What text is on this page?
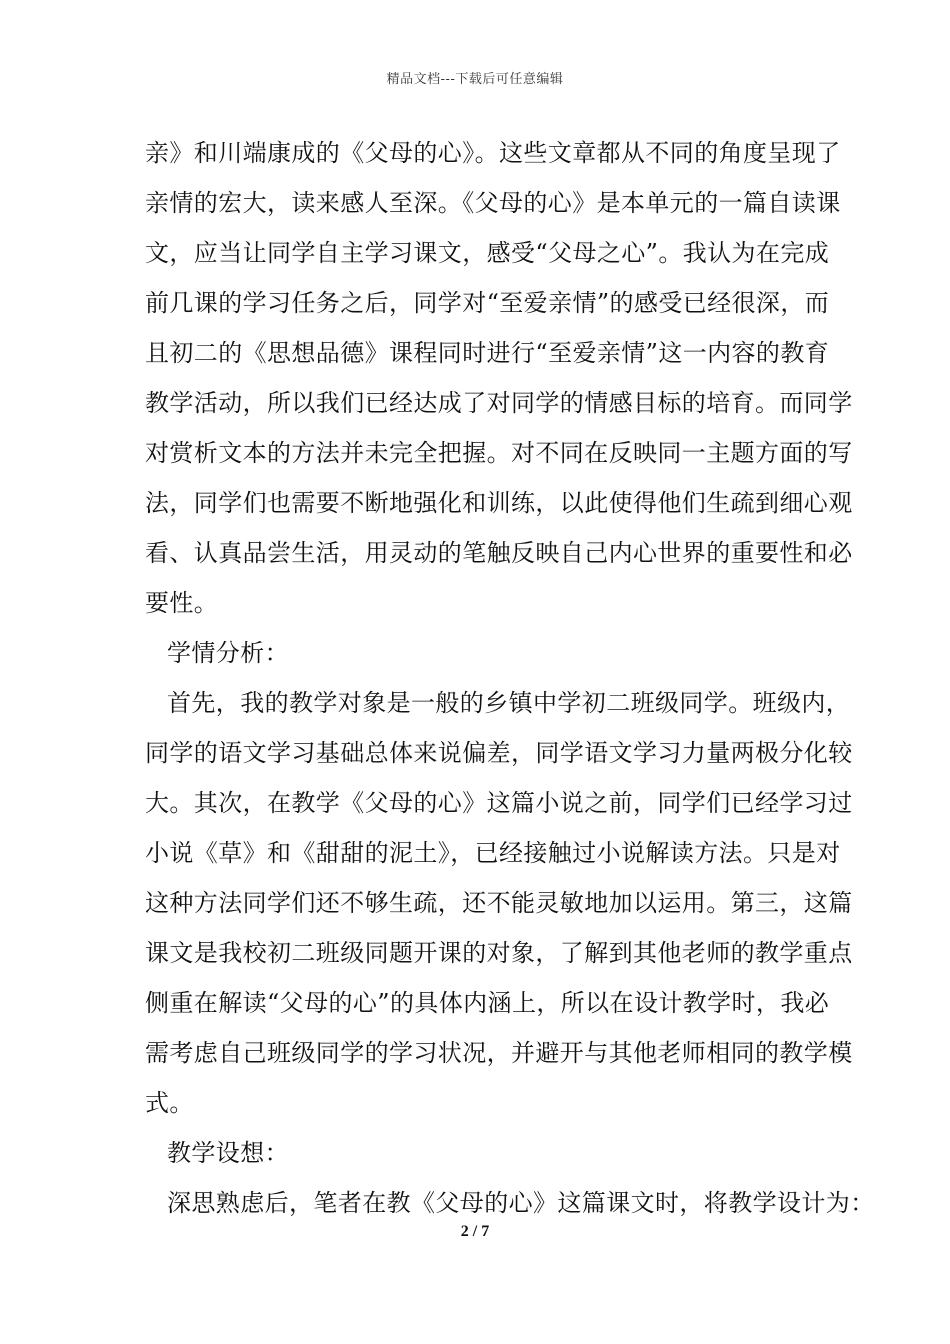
精品文档---下载后可任意编辑
亲》和川端康成的《父母的心》。这些文章都从不同的角度呈现了
亲情的宏大，读来感人至深。《父母的心》是本单元的一篇自读课
文，应当让同学自主学习课文，感受“父母之心”。我认为在完成
前几课的学习任务之后，同学对“至爱亲情”的感受已经很深，而
且初二的《思想品德》课程同时进行“至爱亲情”这一内容的教育
教学活动，所以我们已经达成了对同学的情感目标的培育。而同学
对赏析文本的方法并未完全把握。对不同在反映同一主题方面的写
法，同学们也需要不断地强化和训练，以此使得他们生疏到细心观
看、认真品尝生活，用灵动的笔触反映自己内心世界的重要性和必
要性。
学情分析：
首先，我的教学对象是一般的乡镇中学初二班级同学。班级内，
同学的语文学习基础总体来说偏差，同学语文学习力量两极分化较
大。其次，在教学《父母的心》这篇小说之前，同学们已经学习过
小说《草》和《甜甜的泥土》，已经接触过小说解读方法。只是对
这种方法同学们还不够生疏，还不能灵敏地加以运用。第三，这篇
课文是我校初二班级同题开课的对象，了解到其他老师的教学重点
侧重在解读“父母的心”的具体内涵上，所以在设计教学时，我必
需考虑自己班级同学的学习状况，并避开与其他老师相同的教学模
式。
教学设想：
深思熟虑后，笔者在教《父母的心》这篇课文时，将教学设计为：
2 / 7
